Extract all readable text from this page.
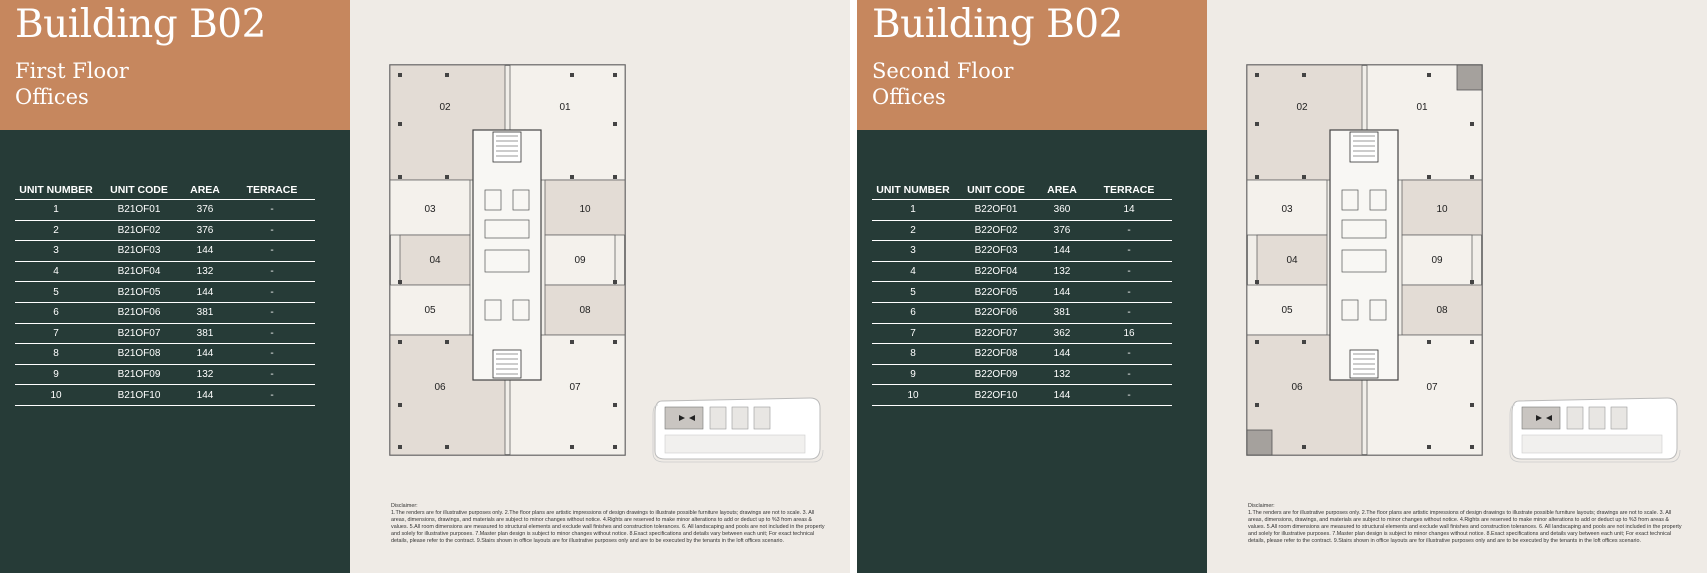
Building B02
First Floor
Offices
UNIT NUMBER	UNIT CODE	AREA	TERRACE
1	B21OF01	376	-
2	B21OF02	376	-
3	B21OF03	144	-
4	B21OF04	132	-
5	B21OF05	144	-
6	B21OF06	381	-
7	B21OF07	381	-
8	B21OF08	144	-
9	B21OF09	132	-
10	B21OF10	144	-
02	01
03	10
04	09
05	08
06	07
Disclaimer:
1.The renders are for illustrative purposes only. 2.The floor plans are artistic impressions of design drawings to illustrate possible furniture layouts; drawings are not to scale. 3. All areas, dimensions, drawings, and materials are subject to minor changes without notice. 4.Rights are reserved to make minor alterations to add or deduct up to %3 from areas & values. 5.All room dimensions are measured to structural elements and exclude wall finishes and construction tolerances. 6. All landscaping and pools are not included in the property and solely for illustrative purposes. 7.Master plan design is subject to minor changes without notice. 8.Exact specifications and details vary between each unit; For exact technical details, please refer to the contract. 9.Stairs shown in office layouts are for illustrative purposes only and are to be executed by the tenants in the loft offices scenario.
Building B02
Second Floor
Offices
UNIT NUMBER	UNIT CODE	AREA	TERRACE
1	B22OF01	360	14
2	B22OF02	376	-
3	B22OF03	144	-
4	B22OF04	132	-
5	B22OF05	144	-
6	B22OF06	381	-
7	B22OF07	362	16
8	B22OF08	144	-
9	B22OF09	132	-
10	B22OF10	144	-
02	01
03	10
04	09
05	08
06	07
Disclaimer:
1.The renders are for illustrative purposes only. 2.The floor plans are artistic impressions of design drawings to illustrate possible furniture layouts; drawings are not to scale. 3. All areas, dimensions, drawings, and materials are subject to minor changes without notice. 4.Rights are reserved to make minor alterations to add or deduct up to %3 from areas & values. 5.All room dimensions are measured to structural elements and exclude wall finishes and construction tolerances. 6. All landscaping and pools are not included in the property and solely for illustrative purposes. 7.Master plan design is subject to minor changes without notice. 8.Exact specifications and details vary between each unit; For exact technical details, please refer to the contract. 9.Stairs shown in office layouts are for illustrative purposes only and are to be executed by the tenants in the loft offices scenario.
